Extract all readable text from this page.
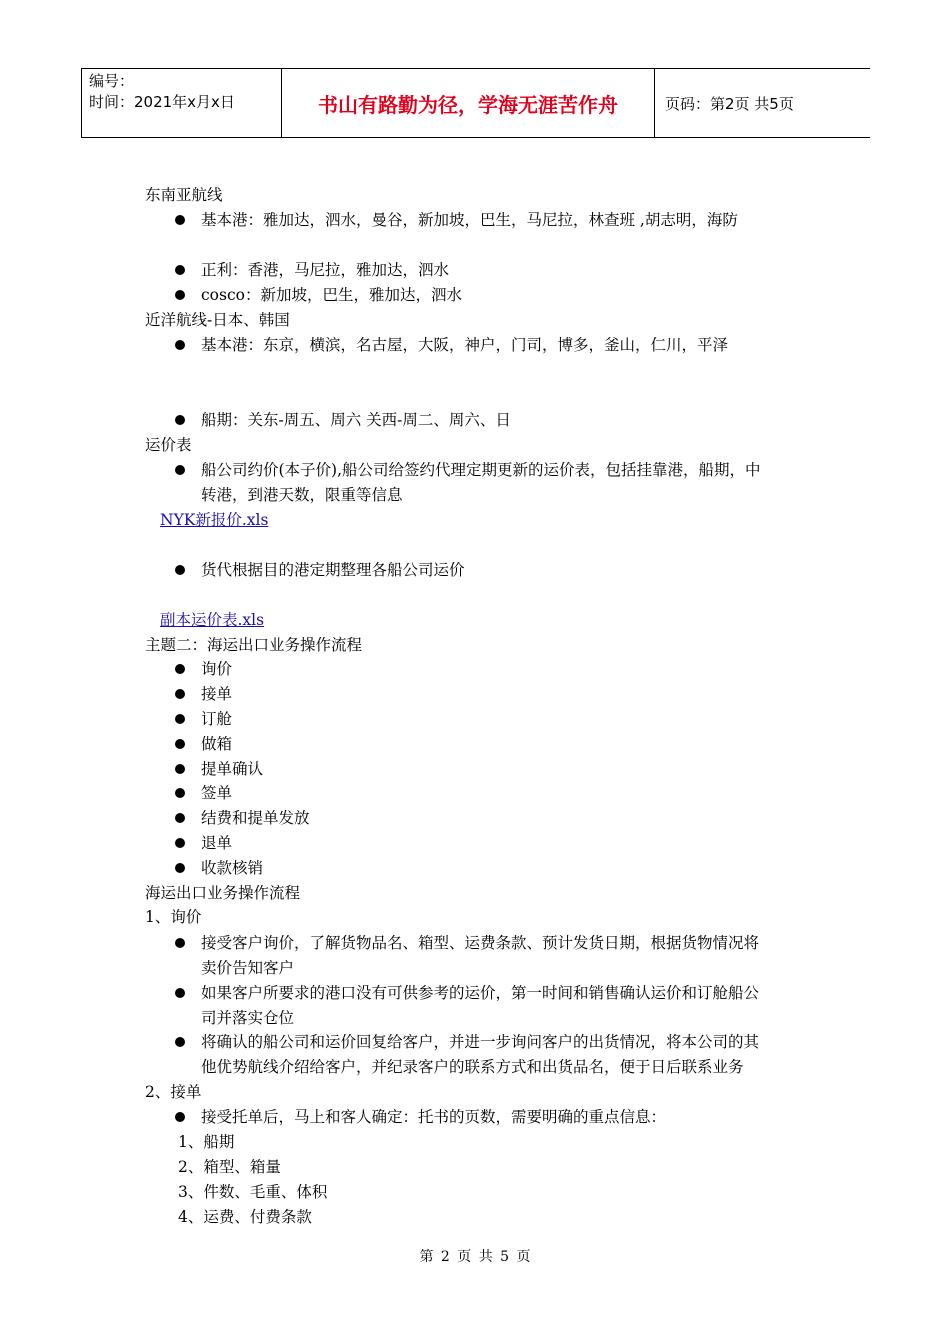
编号：
时间：2021年x月x日	书山有路勤为径，学海无涯苦作舟	页码：第2页 共5页
东南亚航线
基本港：雅加达，泗水，曼谷，新加坡，巴生，马尼拉，林查班 ,胡志明，海防
正利：香港，马尼拉，雅加达，泗水
cosco：新加坡，巴生，雅加达，泗水
近洋航线-日本、韩国
基本港：东京，横滨，名古屋，大阪，神户，门司，博多，釜山，仁川，平泽
船期：关东-周五、周六 关西-周二、周六、日
运价表
船公司约价(本子价),船公司给签约代理定期更新的运价表，包括挂靠港，船期，中
转港，到港天数，限重等信息
NYK新报价.xls
货代根据目的港定期整理各船公司运价
副本运价表.xls
主题二：海运出口业务操作流程
询价
接单
订舱
做箱
提单确认
签单
结费和提单发放
退单
收款核销
海运出口业务操作流程
1、询价
接受客户询价，了解货物品名、箱型、运费条款、预计发货日期，根据货物情况将
卖价告知客户
如果客户所要求的港口没有可供参考的运价，第一时间和销售确认运价和订舱船公
司并落实仓位
将确认的船公司和运价回复给客户，并进一步询问客户的出货情况，将本公司的其
他优势航线介绍给客户，并纪录客户的联系方式和出货品名，便于日后联系业务
2、接单
接受托单后，马上和客人确定：托书的页数，需要明确的重点信息：
1、船期
2、箱型、箱量
3、件数、毛重、体积
4、运费、付费条款
第 2 页 共 5 页
